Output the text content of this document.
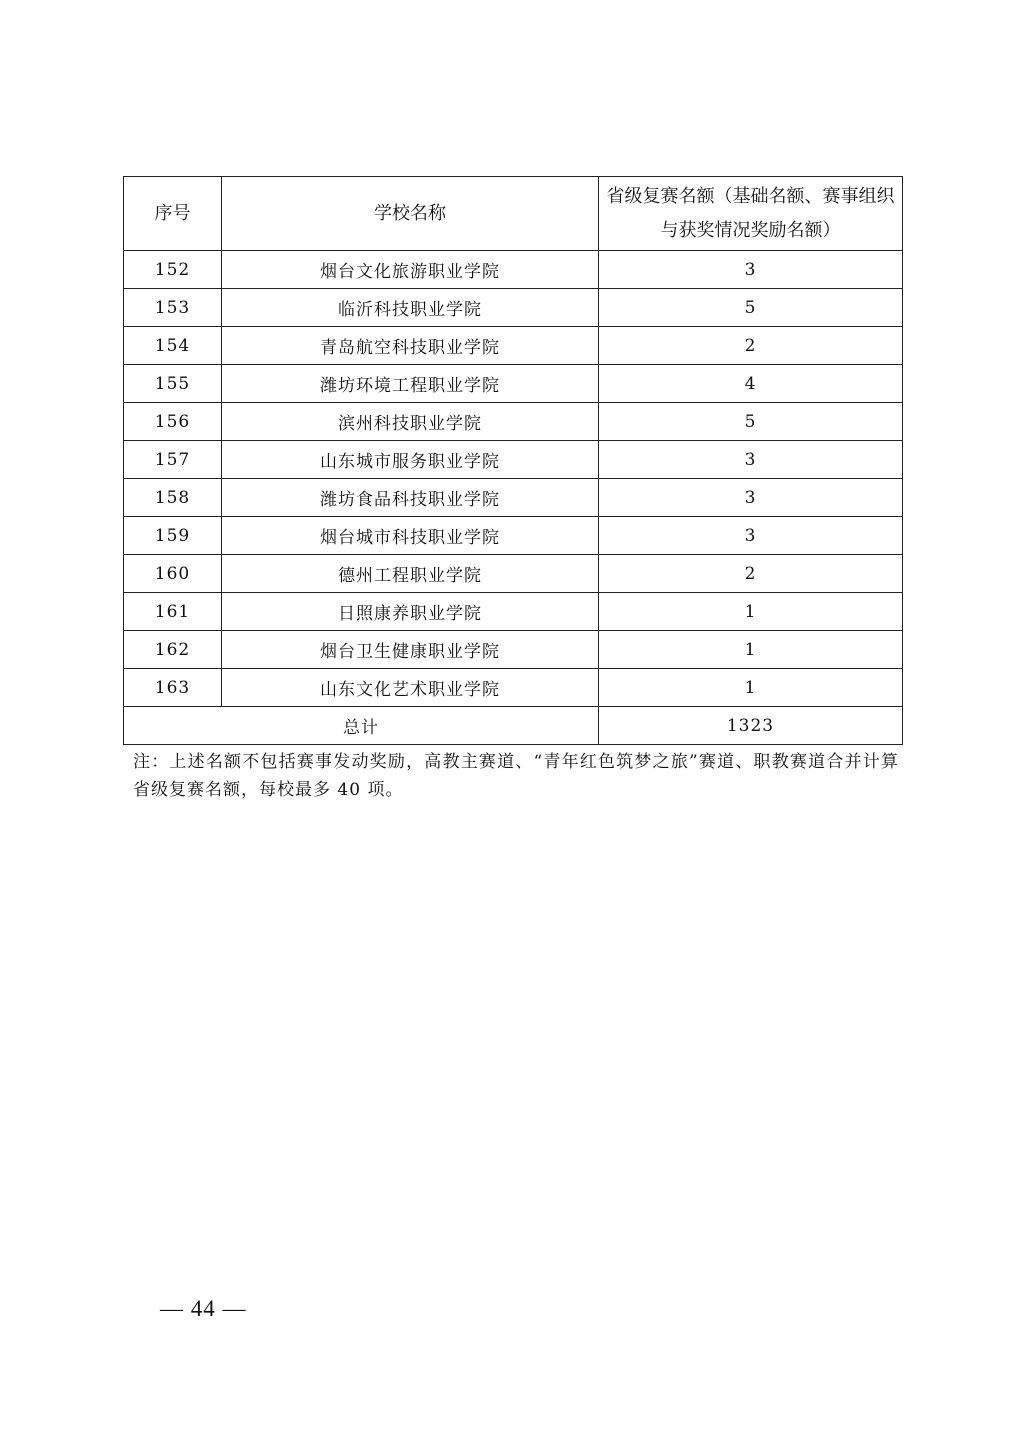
序号	学校名称	省级复赛名额（基础名额、赛事组织与获奖情况奖励名额）
152	烟台文化旅游职业学院	3
153	临沂科技职业学院	5
154	青岛航空科技职业学院	2
155	潍坊环境工程职业学院	4
156	滨州科技职业学院	5
157	山东城市服务职业学院	3
158	潍坊食品科技职业学院	3
159	烟台城市科技职业学院	3
160	德州工程职业学院	2
161	日照康养职业学院	1
162	烟台卫生健康职业学院	1
163	山东文化艺术职业学院	1
总计		1323

注：上述名额不包括赛事发动奖励，高教主赛道、“青年红色筑梦之旅”赛道、职教赛道合并计算省级复赛名额，每校最多 40 项。

— 44 —
